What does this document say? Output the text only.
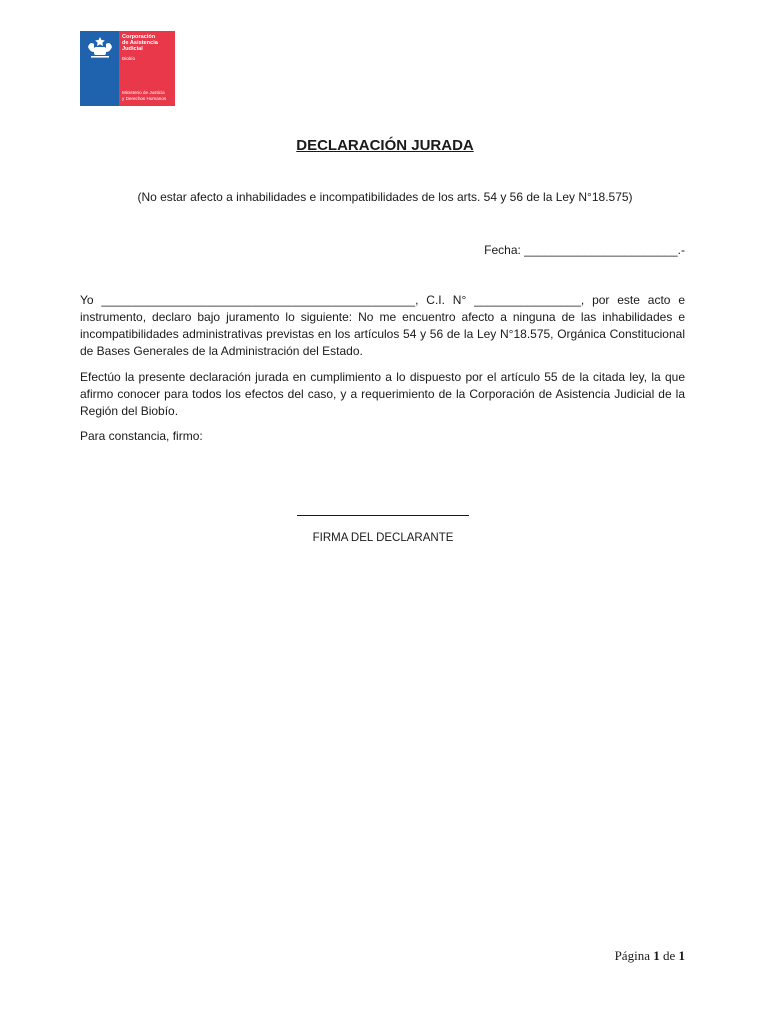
Corporación
de Asistencia
Judicial
Biobío
Ministerio de Justicia
y Derechos Humanos
DECLARACIÓN JURADA
(No estar afecto a inhabilidades e incompatibilidades de los arts. 54 y 56 de la Ley N°18.575)
Fecha: _______________________.-
Yo _______________________________________________, C.I. N° ________________, por este acto e instrumento, declaro bajo juramento lo siguiente: No me encuentro afecto a ninguna de las inhabilidades e incompatibilidades administrativas previstas en los artículos 54 y 56 de la Ley N°18.575, Orgánica Constitucional de Bases Generales de la Administración del Estado.
Efectúo la presente declaración jurada en cumplimiento a lo dispuesto por el artículo 55 de la citada ley, la que afirmo conocer para todos los efectos del caso, y a requerimiento de la Corporación de Asistencia Judicial de la Región del Biobío.
Para constancia, firmo:
FIRMA DEL DECLARANTE
Página 1 de 1
